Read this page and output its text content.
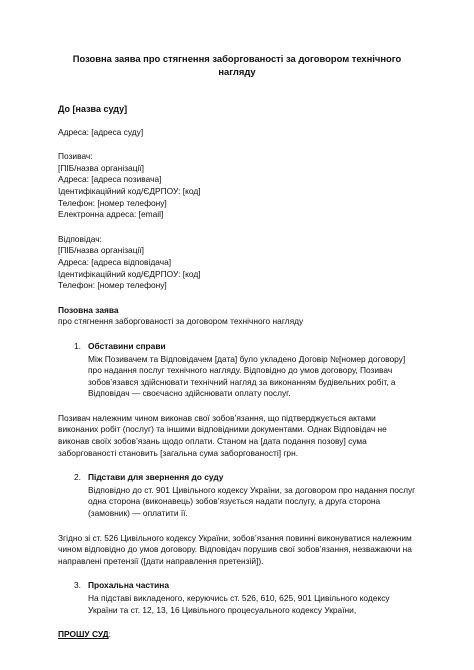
Позовна заява про стягнення заборгованості за договором технічного нагляду
До [назва суду]

Адреса: [адреса суду]

Позивач:

[ПІБ/назва організації]

Адреса: [адреса позивача]

Ідентифікаційний код/ЄДРПОУ: [код]

Телефон: [номер телефону]

Електронна адреса: [email]

Відповідач:

[ПІБ/назва організації]

Адреса: [адреса відповідача]

Ідентифікаційний код/ЄДРПОУ: [код]

Телефон: [номер телефону]

Позовна заява

про стягнення заборгованості за договором технічного нагляду

1. Обставини справи
Між Позивачем та Відповідачем [дата] було укладено Договір №[номер договору] про надання послуг технічного нагляду. Відповідно до умов договору, Позивач зобов’язався здійснювати технічний нагляд за виконанням будівельних робіт, а Відповідач — своєчасно здійснювати оплату послуг.

Позивач належним чином виконав свої зобов’язання, що підтверджується актами виконаних робіт (послуг) та іншими відповідними документами. Однак Відповідач не виконав своїх зобов’язань щодо оплати. Станом на [дата подання позову] сума заборгованості становить [загальна сума заборгованості] грн.

2. Підстави для звернення до суду
Відповідно до ст. 901 Цивільного кодексу України, за договором про надання послуг одна сторона (виконавець) зобов’язується надати послугу, а друга сторона (замовник) — оплатити її.

Згідно зі ст. 526 Цивільного кодексу України, зобов’язання повинні виконуватися належним чином відповідно до умов договору. Відповідач порушив свої зобов’язання, незважаючи на направлені претензії ([дати направлення претензій]).

3. Прохальна частина
На підставі викладеного, керуючись ст. 526, 610, 625, 901 Цивільного кодексу України та ст. 12, 13, 16 Цивільного процесуального кодексу України,

ПРОШУ СУД:
